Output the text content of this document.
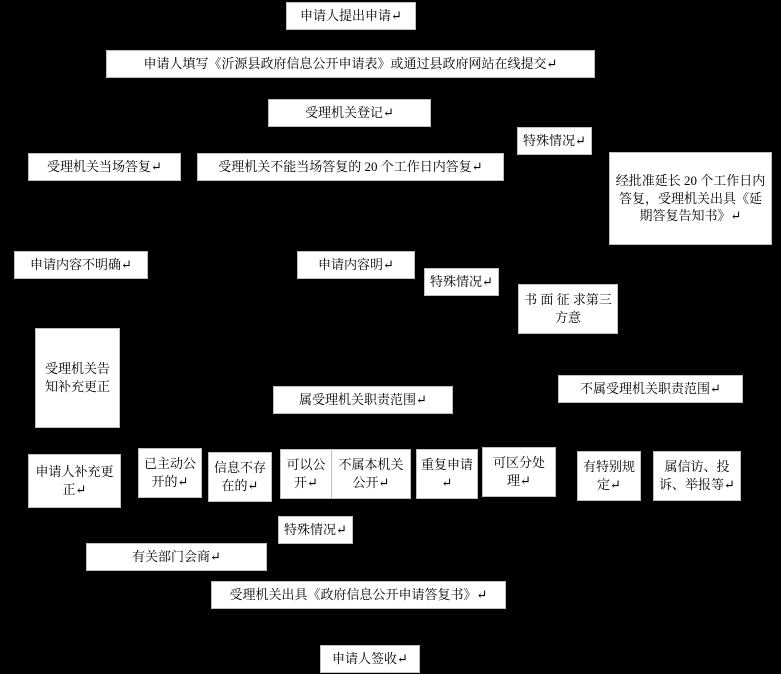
申请人提出申请↵
申请人填写《沂源县政府信息公开申请表》或通过县政府网站在线提交↵
受理机关登记↵
特殊情况↵
受理机关当场答复↵	受理机关不能当场答复的 20 个工作日内答复↵
经批准延长 20 个工作日内答复，受理机关出具《延期答复告知书》↵
申请内容不明确↵	申请内容明↵
特殊情况↵
书 面 征 求第三方意
受理机关告知补充更正
属受理机关职责范围↵
不属受理机关职责范围↵
申请人补充更正↵
已主动公开的↵
信息不存在的↵
可以公开↵
不属本机关公开↵
重复申请↵
可区分处理↵
有特别规定↵
属信访、投诉、举报等↵
特殊情况↵
有关部门会商↵
受理机关出具《政府信息公开申请答复书》↵
申请人签收↵
